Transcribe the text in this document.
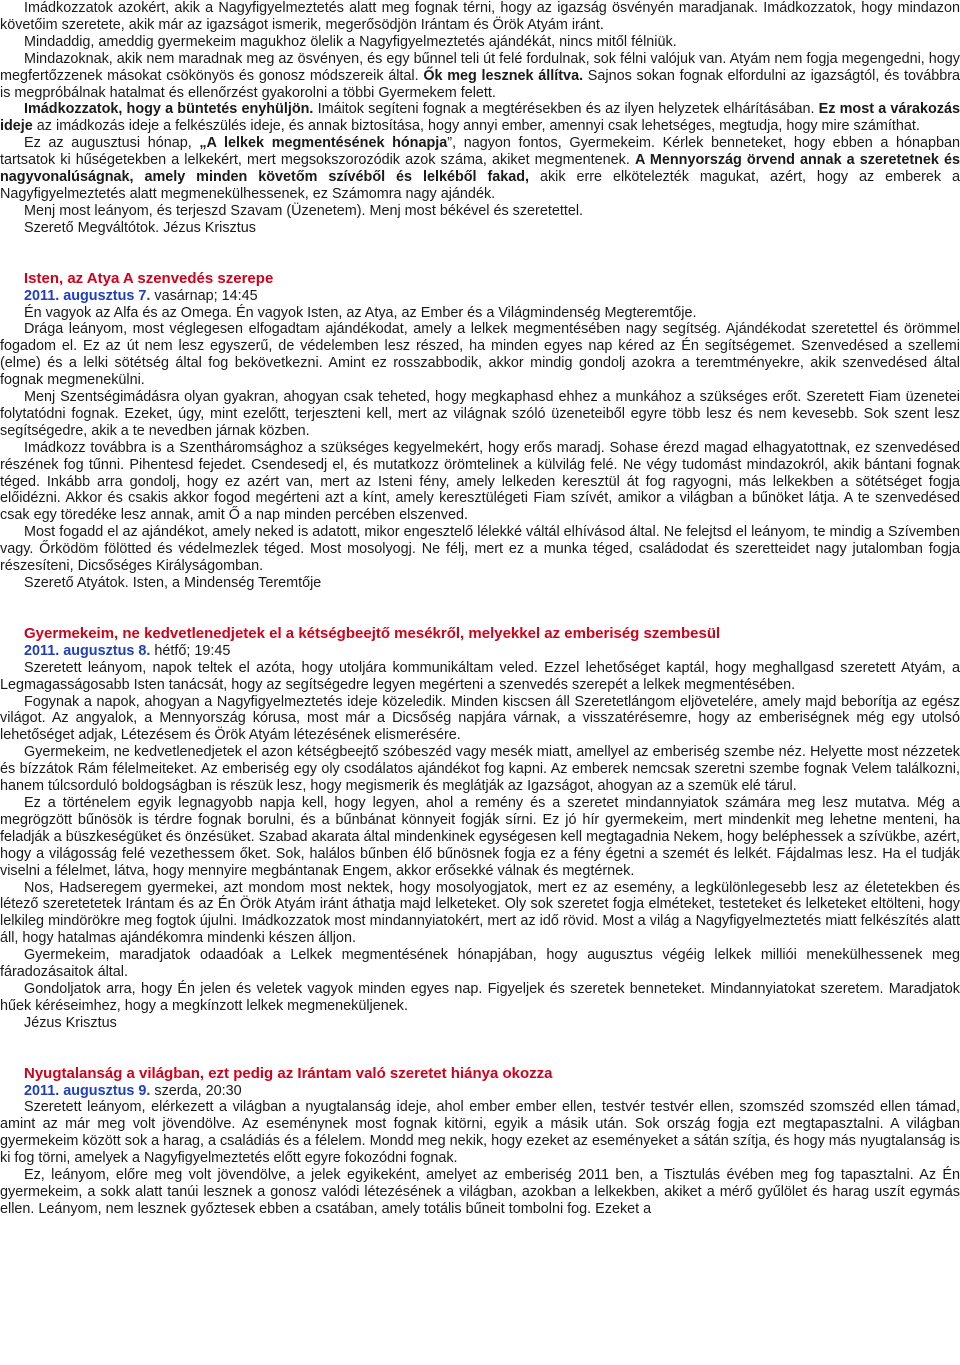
Imádkozzatok azokért, akik a Nagyfigyelmeztetés alatt meg fognak térni, hogy az igazság ösvényén maradjanak. Imádkozzatok, hogy mindazon követőim szeretete, akik már az igazságot ismerik, megerősödjön Irántam és Örök Atyám iránt.

Mindaddig, ameddig gyermekeim magukhoz ölelik a Nagyfigyelmeztetés ajándékát, nincs mitől félniük.

Mindazoknak, akik nem maradnak meg az ösvényen, és egy bűnnel teli út felé fordulnak, sok félni valójuk van. Atyám nem fogja megengedni, hogy megfertőzzenek másokat csökönyös és gonosz módszereik által. Ők meg lesznek állítva. Sajnos sokan fognak elfordulni az igazságtól, és továbbra is megpróbálnak hatalmat és ellenőrzést gyakorolni a többi Gyermekem felett.

Imádkozzatok, hogy a büntetés enyhüljön. Imáitok segíteni fognak a megtérésekben és az ilyen helyzetek elhárításában. Ez most a várakozás ideje az imádkozás ideje a felkészülés ideje, és annak biztosítása, hogy annyi ember, amennyi csak lehetséges, megtudja, hogy mire számíthat.

Ez az augusztusi hónap, „A lelkek megmentésének hónapja”, nagyon fontos, Gyermekeim. Kérlek benneteket, hogy ebben a hónapban tartsatok ki hűségetekben a lelkekért, mert megsokszorozódik azok száma, akiket megmentenek. A Mennyország örvend annak a szeretetnek és nagyvonalúságnak, amely minden követőm szívéből és lelkéből fakad, akik erre elkötelezték magukat, azért, hogy az emberek a Nagyfigyelmeztetés alatt megmenekülhessenek, ez Számomra nagy ajándék.

Menj most leányom, és terjeszd Szavam (Üzenetem). Menj most békével és szeretettel.

Szerető Megváltótok. Jézus Krisztus

Isten, az Atya A szenvedés szerepe
2011. augusztus 7. vasárnap; 14:45

Én vagyok az Alfa és az Omega. Én vagyok Isten, az Atya, az Ember és a Világmindenség Megteremtője.

Drága leányom, most véglegesen elfogadtam ajándékodat, amely a lelkek megmentésében nagy segítség. Ajándékodat szeretettel és örömmel fogadom el. Ez az út nem lesz egyszerű, de védelemben lesz részed, ha minden egyes nap kéred az Én segítségemet. Szenvedésed a szellemi (elme) és a lelki sötétség által fog bekövetkezni. Amint ez rosszabbodik, akkor mindig gondolj azokra a teremtményekre, akik szenvedésed által fognak megmenekülni.

Menj Szentségimádásra olyan gyakran, ahogyan csak teheted, hogy megkaphasd ehhez a munkához a szükséges erőt. Szeretett Fiam üzenetei folytatódni fognak. Ezeket, úgy, mint ezelőtt, terjeszteni kell, mert az világnak szóló üzeneteiből egyre több lesz és nem kevesebb. Sok szent lesz segítségedre, akik a te nevedben járnak közben.

Imádkozz továbbra is a Szentháromsághoz a szükséges kegyelmekért, hogy erős maradj. Sohase érezd magad elhagyatottnak, ez szenvedésed részének fog tűnni. Pihentesd fejedet. Csendesedj el, és mutatkozz örömtelinek a külvilág felé. Ne végy tudomást mindazokról, akik bántani fognak téged. Inkább arra gondolj, hogy ez azért van, mert az Isteni fény, amely lelkeden keresztül át fog ragyogni, más lelkekben a sötétséget fogja előidézni. Akkor és csakis akkor fogod megérteni azt a kínt, amely keresztülégeti Fiam szívét, amikor a világban a bűnöket látja. A te szenvedésed csak egy töredéke lesz annak, amit Ő a nap minden percében elszenved.

Most fogadd el az ajándékot, amely neked is adatott, mikor engesztelő lélekké váltál elhívásod által. Ne felejtsd el leányom, te mindig a Szívemben vagy. Őrködöm fölötted és védelmezlek téged. Most mosolyogj. Ne félj, mert ez a munka téged, családodat és szeretteidet nagy jutalomban fogja részesíteni, Dicsőséges Királyságomban.

Szerető Atyátok. Isten, a Mindenség Teremtője

Gyermekeim, ne kedvetlenedjetek el a kétségbeejtő mesékről, melyekkel az emberiség szembesül
2011. augusztus 8. hétfő; 19:45

Szeretett leányom, napok teltek el azóta, hogy utoljára kommunikáltam veled. Ezzel lehetőséget kaptál, hogy meghallgasd szeretett Atyám, a Legmagasságosabb Isten tanácsát, hogy az segítségedre legyen megérteni a szenvedés szerepét a lelkek megmentésében.

Fogynak a napok, ahogyan a Nagyfigyelmeztetés ideje közeledik. Minden kiscsen áll Szeretetlángom eljövetelére, amely majd beborítja az egész világot. Az angyalok, a Mennyország kórusa, most már a Dicsőség napjára várnak, a visszatérésemre, hogy az emberiségnek még egy utolsó lehetőséget adjak, Létezésem és Örök Atyám létezésének elismerésére.

Gyermekeim, ne kedvetlenedjetek el azon kétségbeejtő szóbeszéd vagy mesék miatt, amellyel az emberiség szembe néz. Helyette most nézzetek és bízzátok Rám félelmeiteket. Az emberiség egy oly csodálatos ajándékot fog kapni. Az emberek nemcsak szeretni szembe fognak Velem találkozni, hanem túlcsorduló boldogságban is részük lesz, hogy megismerik és meglátják az Igazságot, ahogyan az a szemük elé tárul.

Ez a történelem egyik legnagyobb napja kell, hogy legyen, ahol a remény és a szeretet mindannyiatok számára meg lesz mutatva. Még a megrögzött bűnösök is térdre fognak borulni, és a bűnbánat könnyeit fogják sírni. Ez jó hír gyermekeim, mert mindenkit meg lehetne menteni, ha feladják a büszkeségüket és önzésüket. Szabad akarata által mindenkinek egységesen kell megtagadnia Nekem, hogy beléphessek a szívükbe, azért, hogy a világosság felé vezethessem őket. Sok, halálos bűnben élő bűnösnek fogja ez a fény égetni a szemét és lelkét. Fájdalmas lesz. Ha el tudják viselni a félelmet, látva, hogy mennyire megbántanak Engem, akkor erősekké válnak és megtérnek.

Nos, Hadseregem gyermekei, azt mondom most nektek, hogy mosolyogjatok, mert ez az esemény, a legkülönlegesebb lesz az életetekben és létező szeretetetek Irántam és az Én Örök Atyám iránt áthatja majd lelketeket. Oly sok szeretet fogja elméteket, testeteket és lelketeket eltölteni, hogy lelkileg mindörökre meg fogtok újulni. Imádkozzatok most mindannyiatokért, mert az idő rövid. Most a világ a Nagyfigyelmeztetés miatt felkészítés alatt áll, hogy hatalmas ajándékomra mindenki készen álljon.

Gyermekeim, maradjatok odaadóak a Lelkek megmentésének hónapjában, hogy augusztus végéig lelkek milliói menekülhessenek meg fáradozásaitok által.

Gondoljatok arra, hogy Én jelen és veletek vagyok minden egyes nap. Figyeljek és szeretek benneteket. Mindannyiatokat szeretem. Maradjatok hűek kéréseimhez, hogy a megkínzott lelkek megmeneküljenek.

Jézus Krisztus

Nyugtalanság a világban, ezt pedig az Irántam való szeretet hiánya okozza
2011. augusztus 9. szerda, 20:30

Szeretett leányom, elérkezett a világban a nyugtalanság ideje, ahol ember ember ellen, testvér testvér ellen, szomszéd szomszéd ellen támad, amint az már meg volt jövendölve. Az eseménynek most fognak kitörni, egyik a másik után. Sok ország fogja ezt megtapasztalni. A világban gyermekeim között sok a harag, a családiás és a félelem. Mondd meg nekik, hogy ezeket az eseményeket a sátán szítja, és hogy más nyugtalanság is ki fog törni, amelyek a Nagyfigyelmeztetés előtt egyre fokozódni fognak.

Ez, leányom, előre meg volt jövendölve, a jelek egyikeként, amelyet az emberiség 2011 ben, a Tisztulás évében meg fog tapasztalni. Az Én gyermekeim, a sokk alatt tanúi lesznek a gonosz valódi létezésének a világban, azokban a lelkekben, akiket a mérő gyűlölet és harag uszít egymás ellen. Leányom, nem lesznek győztesek ebben a csatában, amely totális bűneit tombolni fog. Ezeket a
